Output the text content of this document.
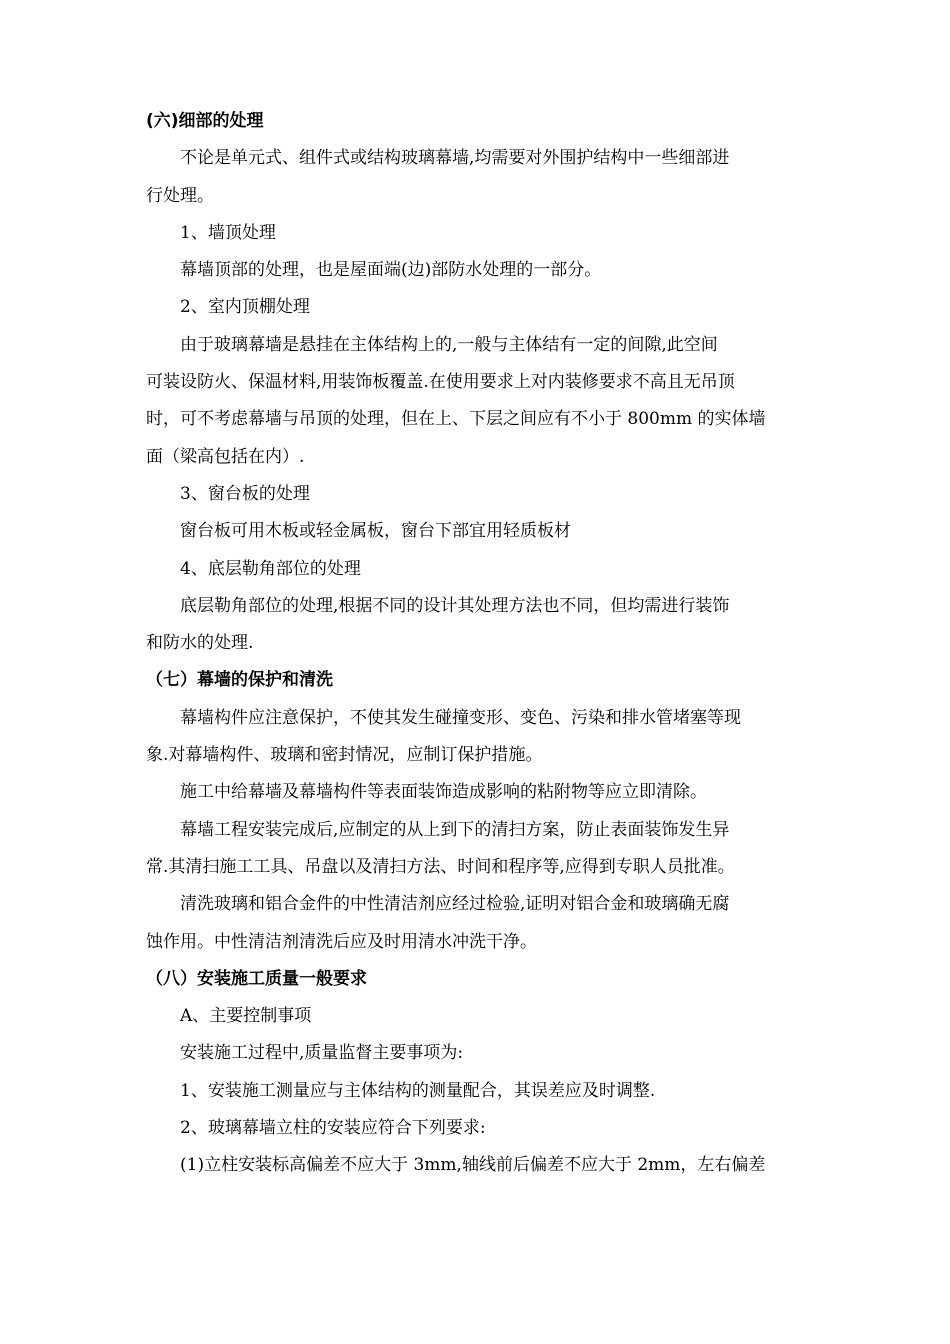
(六)细部的处理
不论是单元式、组件式或结构玻璃幕墙,均需要对外围护结构中一些细部进
行处理。
1、墙顶处理
幕墙顶部的处理，也是屋面端(边)部防水处理的一部分。
2、室内顶棚处理
由于玻璃幕墙是悬挂在主体结构上的,一般与主体结有一定的间隙,此空间
可装设防火、保温材料,用装饰板覆盖.在使用要求上对内装修要求不高且无吊顶
时，可不考虑幕墙与吊顶的处理，但在上、下层之间应有不小于 800mm 的实体墙
面（梁高包括在内）.
3、窗台板的处理
窗台板可用木板或轻金属板，窗台下部宜用轻质板材
4、底层勒角部位的处理
底层勒角部位的处理,根据不同的设计其处理方法也不同，但均需进行装饰
和防水的处理.
（七）幕墙的保护和清洗
幕墙构件应注意保护，不使其发生碰撞变形、变色、污染和排水管堵塞等现
象.对幕墙构件、玻璃和密封情况，应制订保护措施。
施工中给幕墙及幕墙构件等表面装饰造成影响的粘附物等应立即清除。
幕墙工程安装完成后,应制定的从上到下的清扫方案，防止表面装饰发生异
常.其清扫施工工具、吊盘以及清扫方法、时间和程序等,应得到专职人员批准。
清洗玻璃和铝合金件的中性清洁剂应经过检验,证明对铝合金和玻璃确无腐
蚀作用。中性清洁剂清洗后应及时用清水冲洗干净。
（八）安装施工质量一般要求
A、主要控制事项
安装施工过程中,质量监督主要事项为:
1、安装施工测量应与主体结构的测量配合，其误差应及时调整.
2、玻璃幕墙立柱的安装应符合下列要求:
(1)立柱安装标高偏差不应大于 3mm,轴线前后偏差不应大于 2mm，左右偏差
